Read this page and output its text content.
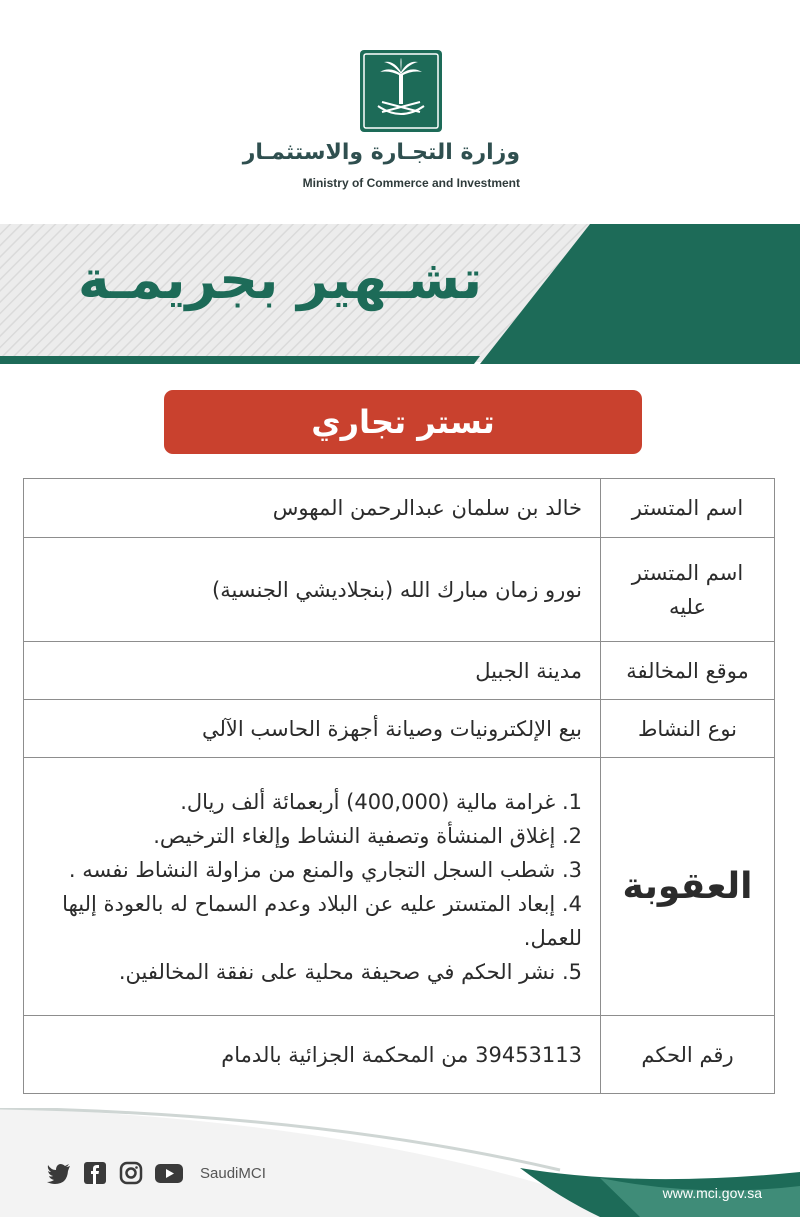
وزارة التجـارة والاستثمـار
Ministry of Commerce and Investment
تشـهير بجريمـة
تستر تجاري
اسم المتستر
خالد بن سلمان عبدالرحمن المهوس
اسم المتستر عليه
نورو زمان مبارك الله (بنجلاديشي الجنسية)
موقع المخالفة
مدينة الجبيل
نوع النشاط
بيع الإلكترونيات وصيانة أجهزة الحاسب الآلي
العقوبة
1. غرامة مالية (400,000) أربعمائة ألف ريال.
2. إغلاق المنشأة وتصفية النشاط وإلغاء الترخيص.
3. شطب السجل التجاري والمنع من مزاولة النشاط نفسه .
4. إبعاد المتستر عليه عن البلاد وعدم السماح له بالعودة إليها للعمل.
5. نشر الحكم في صحيفة محلية على نفقة المخالفين.
رقم الحكم
39453113 من المحكمة الجزائية بالدمام
SaudiMCI
www.mci.gov.sa
